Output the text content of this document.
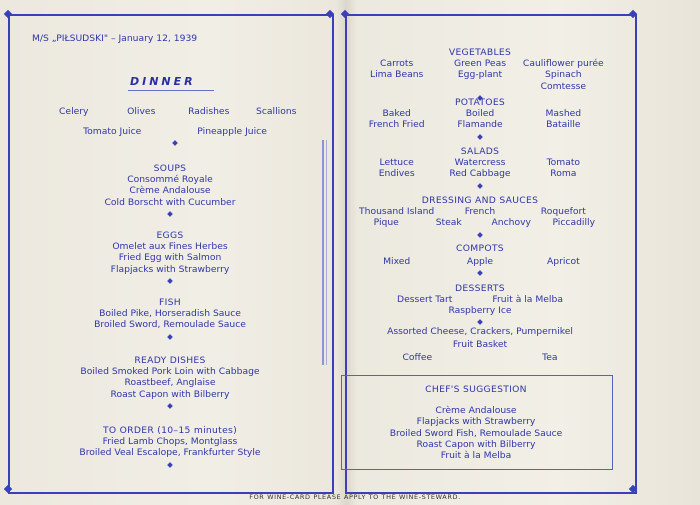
M/S „PIŁSUDSKI" – January 12, 1939
DINNER
Celery	Olives	Radishes	Scallions
Tomato Juice	Pineapple Juice
SOUPS
Consommé Royale
Crème Andalouse
Cold Borscht with Cucumber
EGGS
Omelet aux Fines Herbes
Fried Egg with Salmon
Flapjacks with Strawberry
FISH
Boiled Pike, Horseradish Sauce
Broiled Sword, Remoulade Sauce
READY DISHES
Boiled Smoked Pork Loin with Cabbage
Roastbeef, Anglaise
Roast Capon with Bilberry
TO ORDER (10–15 minutes)
Fried Lamb Chops, Montglass
Broiled Veal Escalope, Frankfurter Style
VEGETABLES
Carrots	Green Peas	Cauliflower purée
Lima Beans	Egg-plant	Spinach Comtesse
POTATOES
Baked	Boiled	Mashed
French Fried	Flamande	Bataille
SALADS
Lettuce	Watercress	Tomato
Endives	Red Cabbage	Roma
DRESSING AND SAUCES
Thousand Island	French	Roquefort
Pique	Steak	Anchovy	Piccadilly
COMPOTS
Mixed	Apple	Apricot
DESSERTS
Dessert Tart	Fruit à la Melba
Raspberry Ice
Assorted Cheese, Crackers, Pumpernikel
Fruit Basket
Coffee	Tea
CHEF'S SUGGESTION
Crème Andalouse
Flapjacks with Strawberry
Broiled Sword Fish, Remoulade Sauce
Roast Capon with Bilberry
Fruit à la Melba
FOR WINE-CARD PLEASE APPLY TO THE WINE-STEWARD.
